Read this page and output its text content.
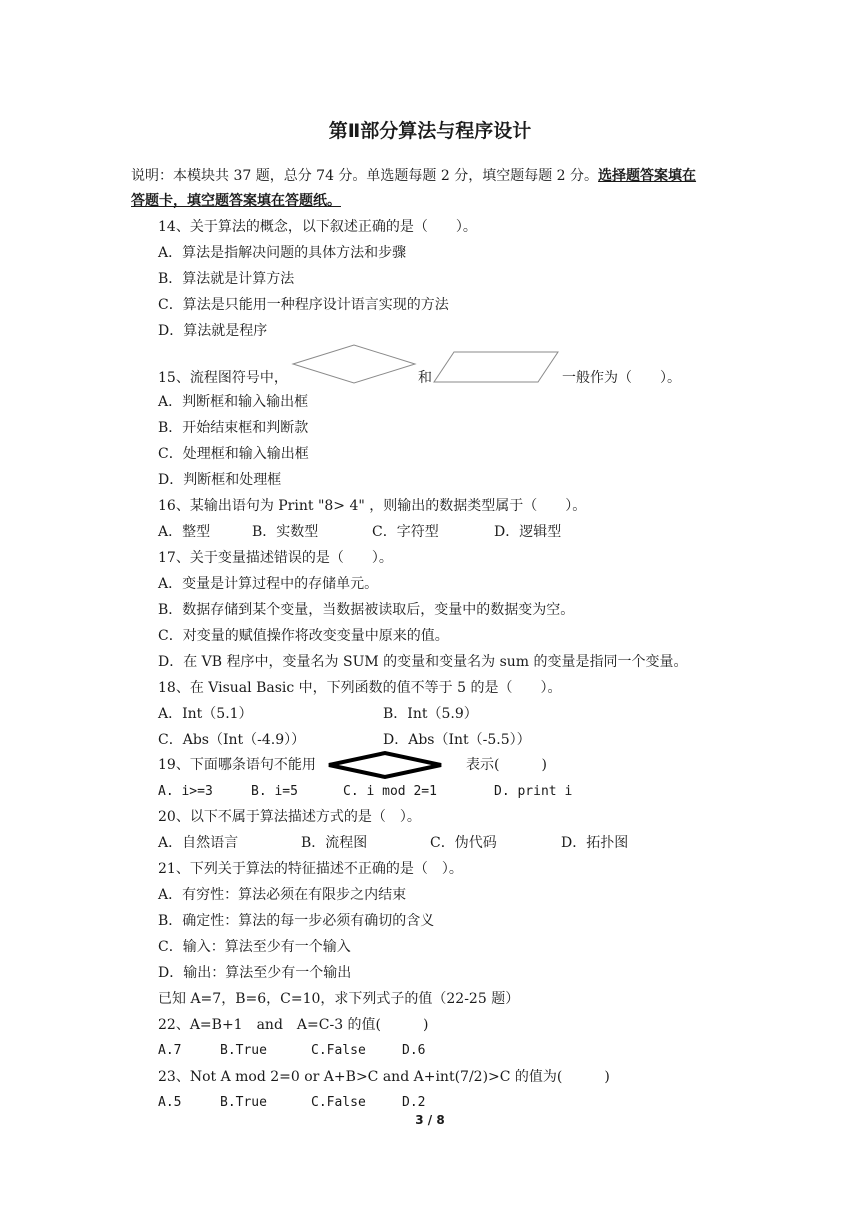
第Ⅱ部分算法与程序设计
说明：本模块共 37 题，总分 74 分。单选题每题 2 分，填空题每题 2 分。选择题答案填在
答题卡，填空题答案填在答题纸。
14、关于算法的概念，以下叙述正确的是（　　）。
A．算法是指解决问题的具体方法和步骤
B．算法就是计算方法
C．算法是只能用一种程序设计语言实现的方法
D．算法就是程序
15、流程图符号中，	和	一般作为（　　）。
A．判断框和输入输出框
B．开始结束框和判断款
C．处理框和输入输出框
D．判断框和处理框
16、某输出语句为 Print "8> 4" ，则输出的数据类型属于（　　）。
A．整型	B．实数型	C．字符型	D．逻辑型
17、关于变量描述错误的是（　　）。
A．变量是计算过程中的存储单元。
B．数据存储到某个变量，当数据被读取后，变量中的数据变为空。
C．对变量的赋值操作将改变变量中原来的值。
D．在 VB 程序中，变量名为 SUM 的变量和变量名为 sum 的变量是指同一个变量。
18、在 Visual Basic 中，下列函数的值不等于 5 的是（　　）。
A．Int（5.1）	B．Int（5.9）
C．Abs（Int（-4.9））	D．Abs（Int（-5.5））
19、下面哪条语句不能用	表示(　　　)
A. i>=3	B. i=5	C. i mod 2=1	D. print i
20、以下不属于算法描述方式的是（　）。
A．自然语言	B．流程图	C．伪代码	D．拓扑图
21、下列关于算法的特征描述不正确的是（　）。
A．有穷性：算法必须在有限步之内结束
B．确定性：算法的每一步必须有确切的含义
C．输入：算法至少有一个输入
D．输出：算法至少有一个输出
已知 A=7，B=6，C=10，求下列式子的值（22-25 题）
22、A=B+1　and　A=C-3 的值(　　　)
A.7	B.True	C.False	D.6
23、Not A mod 2=0 or A+B>C and A+int(7/2)>C 的值为(　　　)
A.5	B.True	C.False	D.2
3 / 8
